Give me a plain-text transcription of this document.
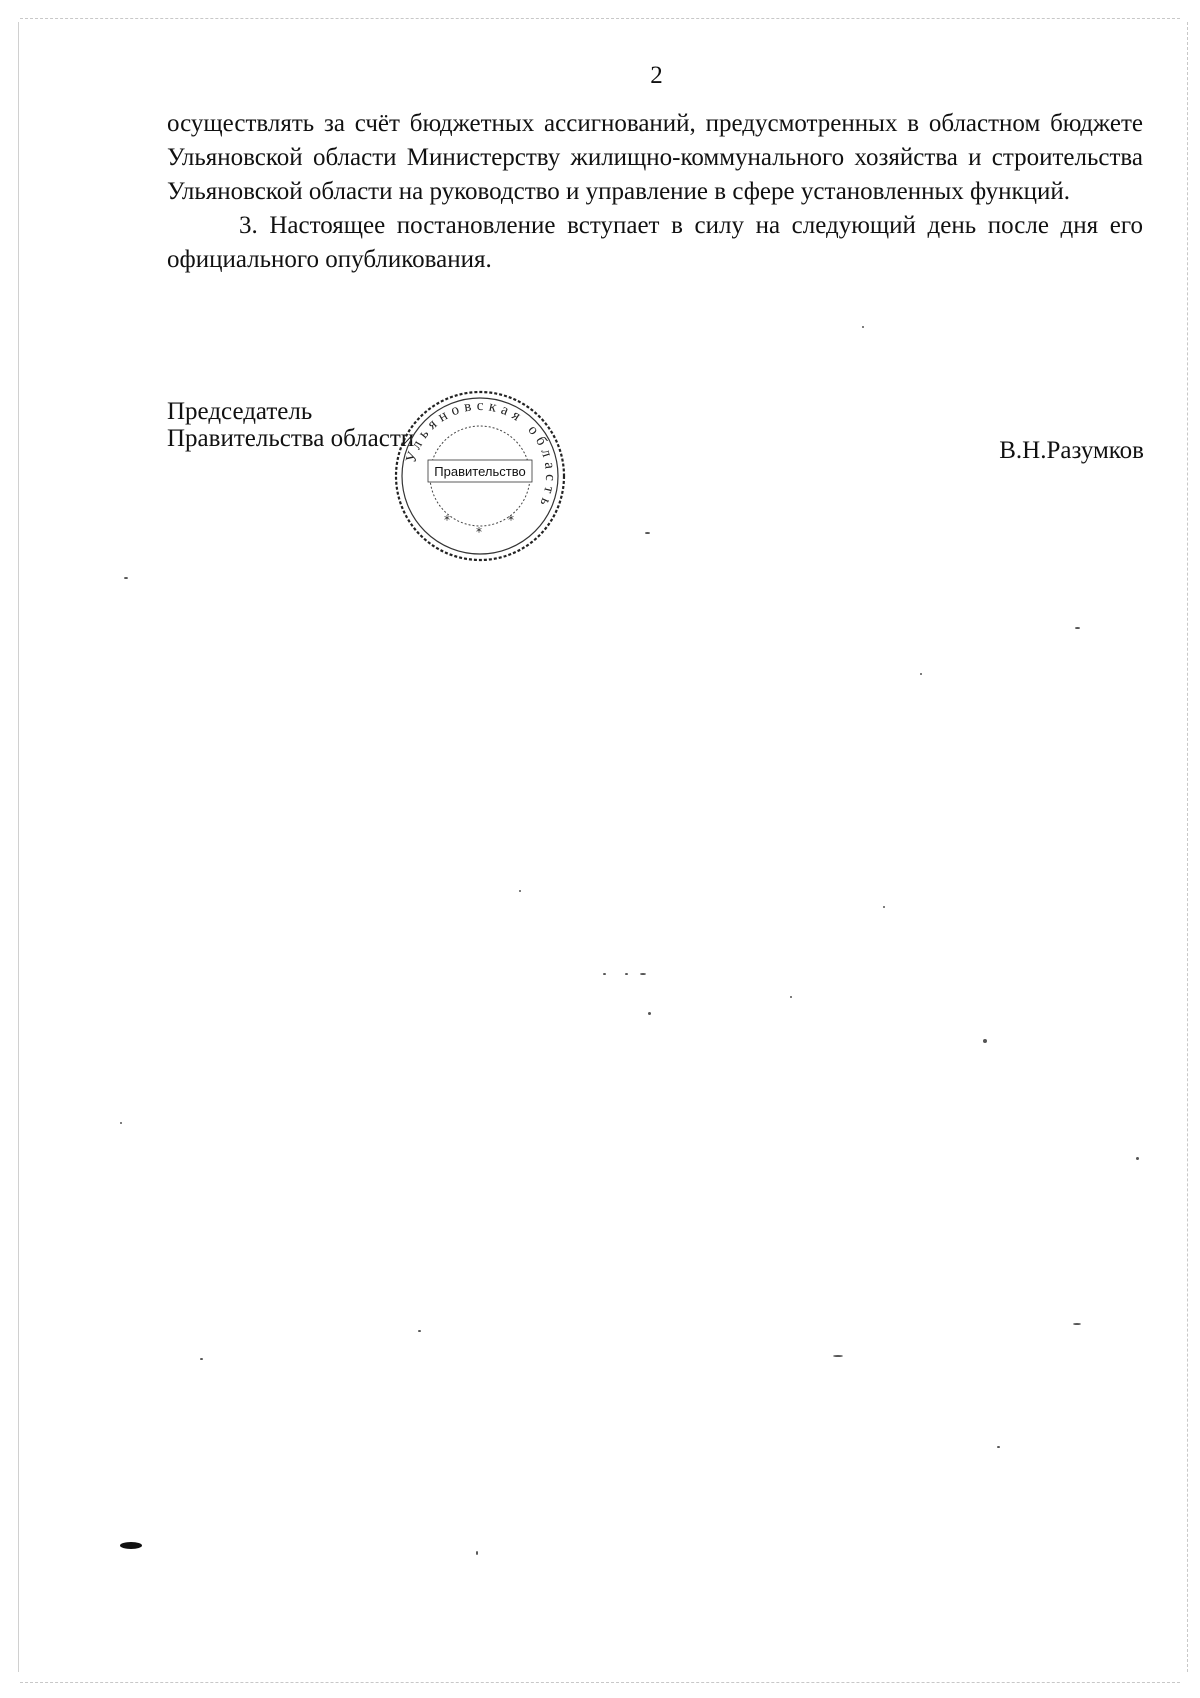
2

осуществлять за счёт бюджетных ассигнований, предусмотренных в областном бюджете Ульяновской области Министерству жилищно-коммунального хозяйства и строительства Ульяновской области на руководство и управление в сфере установленных функций.

3. Настоящее постановление вступает в силу на следующий день после дня его официального опубликования.

Председатель
Правительства области	В.Н.Разумков
Ульяновская область
Правительство
*
*
*
